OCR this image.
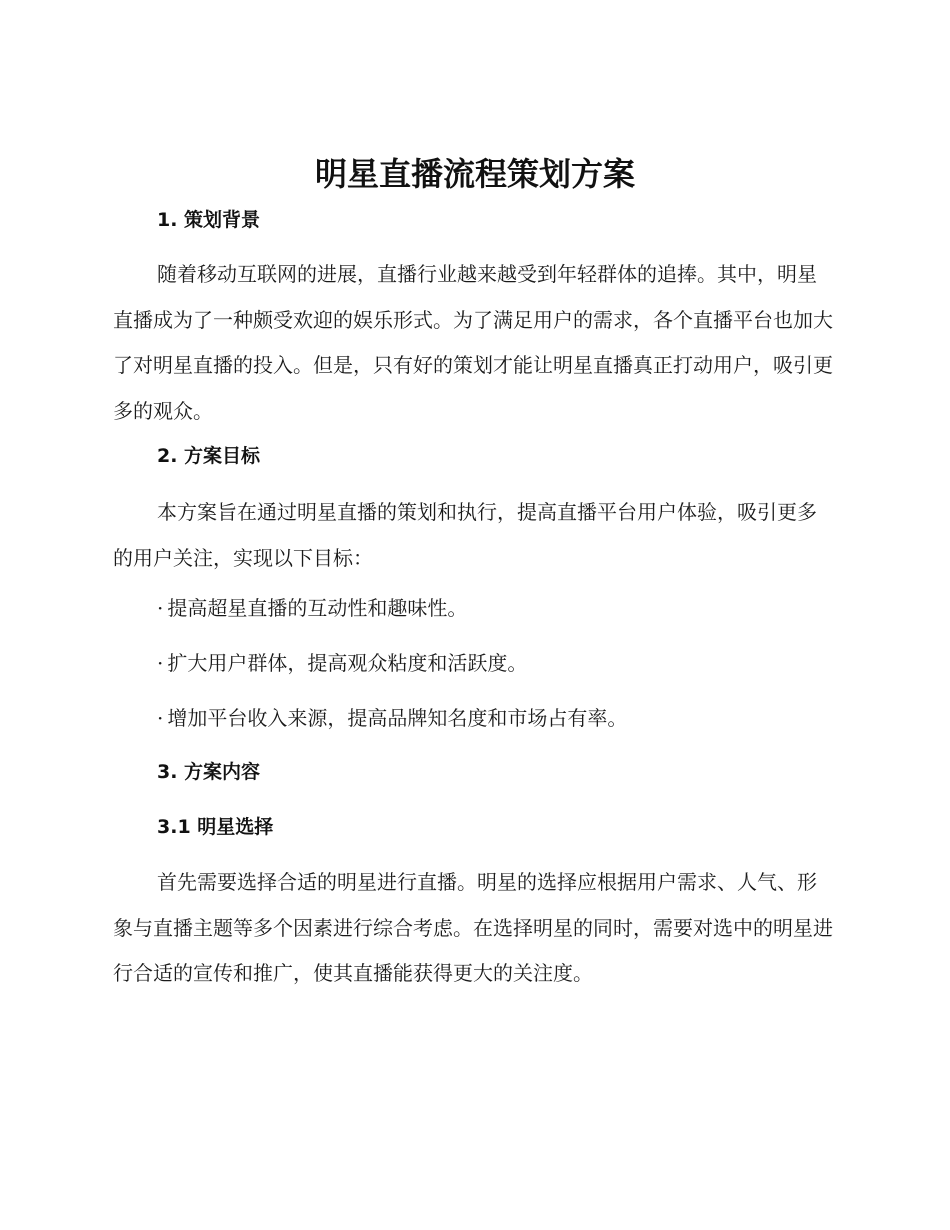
明星直播流程策划方案
1. 策划背景
随着移动互联网的进展，直播行业越来越受到年轻群体的追捧。其中，明星直播成为了一种颇受欢迎的娱乐形式。为了满足用户的需求，各个直播平台也加大了对明星直播的投入。但是，只有好的策划才能让明星直播真正打动用户，吸引更多的观众。
2. 方案目标
本方案旨在通过明星直播的策划和执行，提高直播平台用户体验，吸引更多的用户关注，实现以下目标：
· 提高超星直播的互动性和趣味性。
· 扩大用户群体，提高观众粘度和活跃度。
· 增加平台收入来源，提高品牌知名度和市场占有率。
3. 方案内容
3.1 明星选择
首先需要选择合适的明星进行直播。明星的选择应根据用户需求、人气、形象与直播主题等多个因素进行综合考虑。在选择明星的同时，需要对选中的明星进行合适的宣传和推广，使其直播能获得更大的关注度。
